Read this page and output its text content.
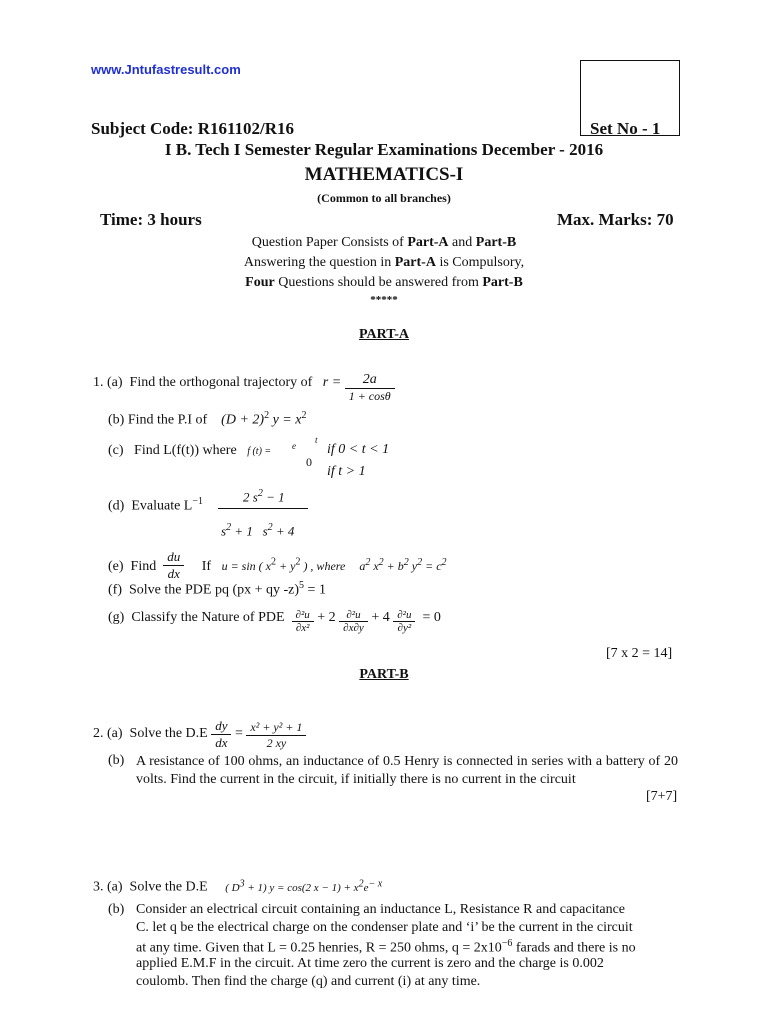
www.Jntufastresult.com
Subject Code: R161102/R16	Set No - 1
I B. Tech I Semester Regular Examinations December - 2016
MATHEMATICS-I
(Common to all branches)
Time: 3 hours	Max. Marks: 70
Question Paper Consists of Part-A and Part-B
Answering the question in Part-A is Compulsory,
Four Questions should be answered from Part-B
*****
PART-A
1. (a) Find the orthogonal trajectory of $r = \frac{2a}{1 + \cos\theta}$
(b) Find the P.I of $(D + 2)^2$ $y = x^2$
(c) Find L(f(t)) where f (t) = e
t
0
if 0 < t < 1
if t > 1
(d) Evaluate $L^{-1}$	2 $s^2 - 1$
$s^2 + 1$ $s^2 + 4$
(e) Find $\frac{du}{dx}$ If u = sin ( $x^2 + y^2$ ) , where $a^2$ $x^2 + b^2$ $y^2 = c^2$
(f) Solve the PDE pq (px + qy -z)$^5$ = 1
(g) Classify the Nature of PDE $\frac{\text{∂²u}}{\text{∂x²}} + 2 \frac{\text{∂²u}}{\partial x\partial y} + 4 \frac{\text{∂²u}}{\text{∂y²}} = 0$
[7 x 2 = 14]
PART-B
2. (a) Solve the $D.E \frac{dy}{dx} = \frac{\text{x² + y² + 1}}{2 xy}$
(b) A resistance of 100 ohms, an inductance of 0.5 Henry is connected in series with a battery of 20 volts. Find the current in the circuit, if initially there is no current in the circuit
[7+7]
3. (a) Solve the D.E ( $D^3 + 1$) y = cos(2 $x - 1) + x^2e^{- x}$
(b) Consider an electrical circuit containing an inductance L, Resistance R and capacitance
C. let q be the electrical charge on the condenser plate and ‘i’ be the current in the circuit
at any time. Given that L = 0.25 henries, R = 250 ohms, $q = 2x10^{-6}$ farads and there is no
applied E.M.F in the circuit. At time zero the current is zero and the charge is 0.002
coulomb. Then find the charge (q) and current (i) at any time.
